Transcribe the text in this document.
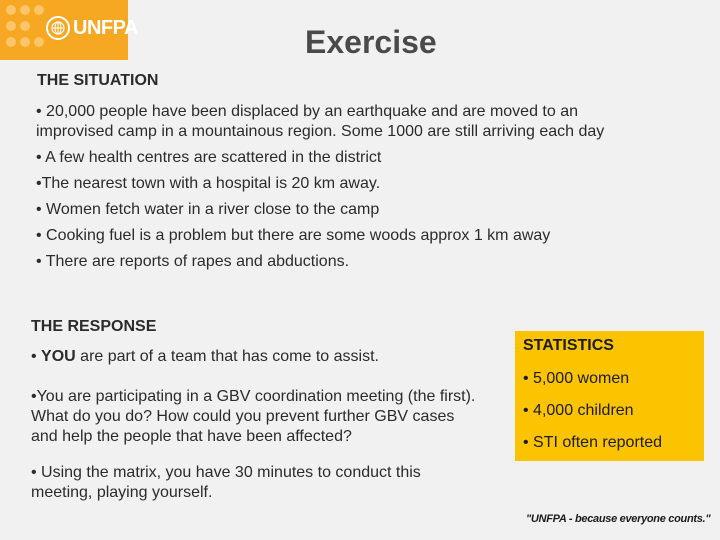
UNFPA	Exercise
THE SITUATION
• 20,000 people have been displaced by an earthquake and are moved to an improvised camp in a mountainous region. Some 1000 are still arriving each day
• A few health centres are scattered in the district
•The nearest town with a hospital is 20 km away.
• Women fetch water in a river close to the camp
• Cooking fuel is a problem but there are some woods approx 1 km away
• There are reports of rapes and abductions.
THE RESPONSE
• YOU are part of a team that has come to assist.
•You are participating in a GBV coordination meeting (the first). What do you do? How could you prevent further GBV cases and help the people that have been affected?
• Using the matrix, you have 30 minutes to conduct this meeting, playing yourself.
STATISTICS
• 5,000 women
• 4,000 children
• STI often reported
"UNFPA - because everyone counts."
